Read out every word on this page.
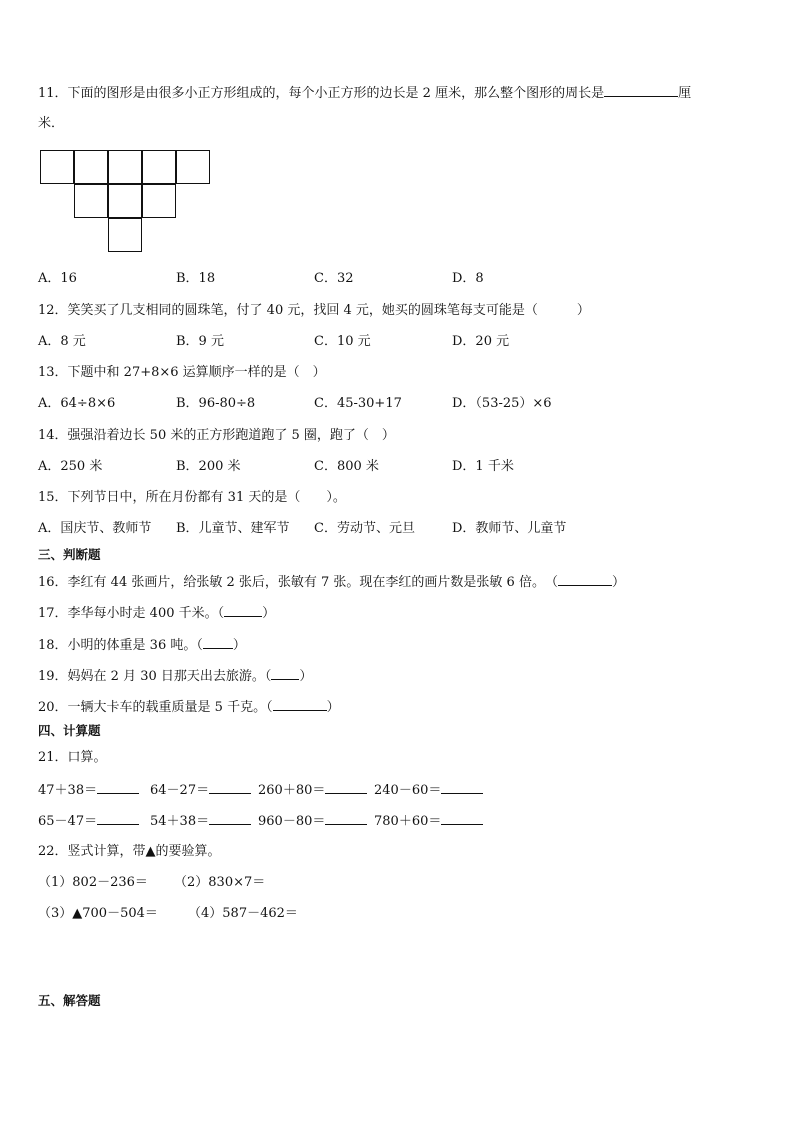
11．下面的图形是由很多小正方形组成的，每个小正方形的边长是 2 厘米，那么整个图形的周长是	厘
米．
A．16	B．18	C．32	D．8
12．笑笑买了几支相同的圆珠笔，付了 40 元，找回 4 元，她买的圆珠笔每支可能是（　　　）
A．8 元	B．9 元	C．10 元	D．20 元
13．下题中和 27+8×6 运算顺序一样的是（　）
A．64÷8×6	B．96-80÷8	C．45-30+17	D．（53-25）×6
14．强强沿着边长 50 米的正方形跑道跑了 5 圈，跑了（　）
A．250 米	B．200 米	C．800 米	D．1 千米
15．下列节日中，所在月份都有 31 天的是（　　）。
A．国庆节、教师节 B．儿童节、建军节 C．劳动节、元旦	D．教师节、儿童节
三、判断题
16．李红有 44 张画片，给张敏 2 张后，张敏有 7 张。现在李红的画片数是张敏 6 倍。　（	）
17．李华每小时走 400 千米。（	）
18．小明的体重是 36 吨。（ ）
19．妈妈在 2 月 30 日那天出去旅游。（ ）
20．一辆大卡车的载重质量是 5 千克。（	）
四、计算题
21．口算。
47＋38＝	64－27＝	260＋80＝	240－60＝
65－47＝	54＋38＝	960－80＝	780＋60＝
22．竖式计算，带▲的要验算。
（1）802－236＝ （2）830×7＝
（3）▲700－504＝ （4）587－462＝
五、解答题
